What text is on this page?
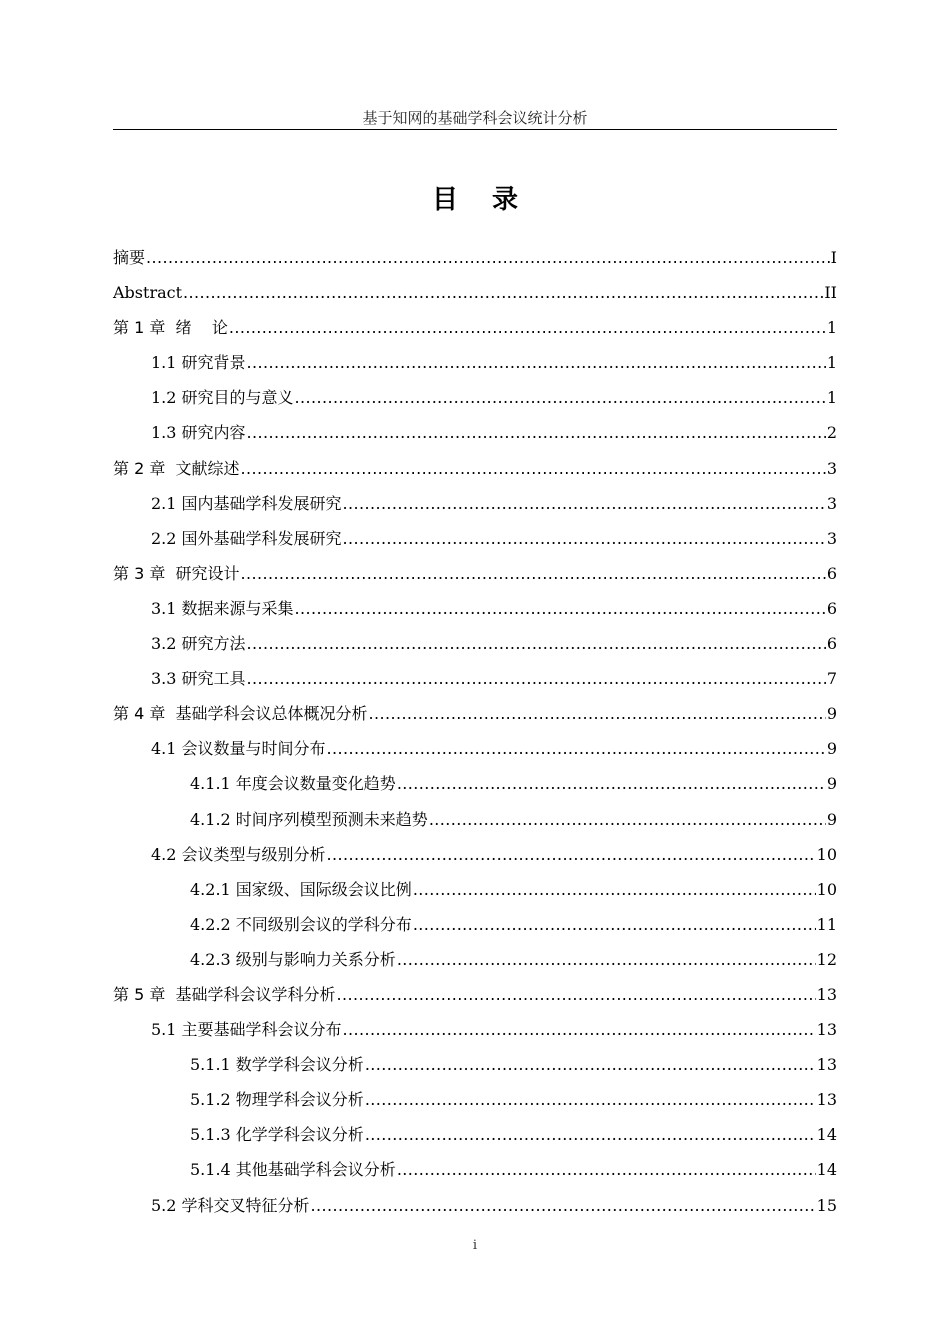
基于知网的基础学科会议统计分析
目录
摘要 .....	I
Abstract .....	II
第 1 章  绪    论 .....	1
1.1 研究背景 .....	1
1.2 研究目的与意义 .....	1
1.3 研究内容 .....	2
第 2 章  文献综述 .....	3
2.1 国内基础学科发展研究 .....	3
2.2 国外基础学科发展研究 .....	3
第 3 章  研究设计 .....	6
3.1 数据来源与采集 .....	6
3.2 研究方法 .....	6
3.3 研究工具 .....	7
第 4 章  基础学科会议总体概况分析 .....	9
4.1 会议数量与时间分布 .....	9
4.1.1 年度会议数量变化趋势 .....	9
4.1.2 时间序列模型预测未来趋势 .....	9
4.2 会议类型与级别分析 .....	10
4.2.1 国家级、国际级会议比例 .....	10
4.2.2 不同级别会议的学科分布 .....	11
4.2.3 级别与影响力关系分析 .....	12
第 5 章  基础学科会议学科分析 .....	13
5.1 主要基础学科会议分布 .....	13
5.1.1 数学学科会议分析 .....	13
5.1.2 物理学科会议分析 .....	13
5.1.3 化学学科会议分析 .....	14
5.1.4 其他基础学科会议分析 .....	14
5.2 学科交叉特征分析 .....	15
i
